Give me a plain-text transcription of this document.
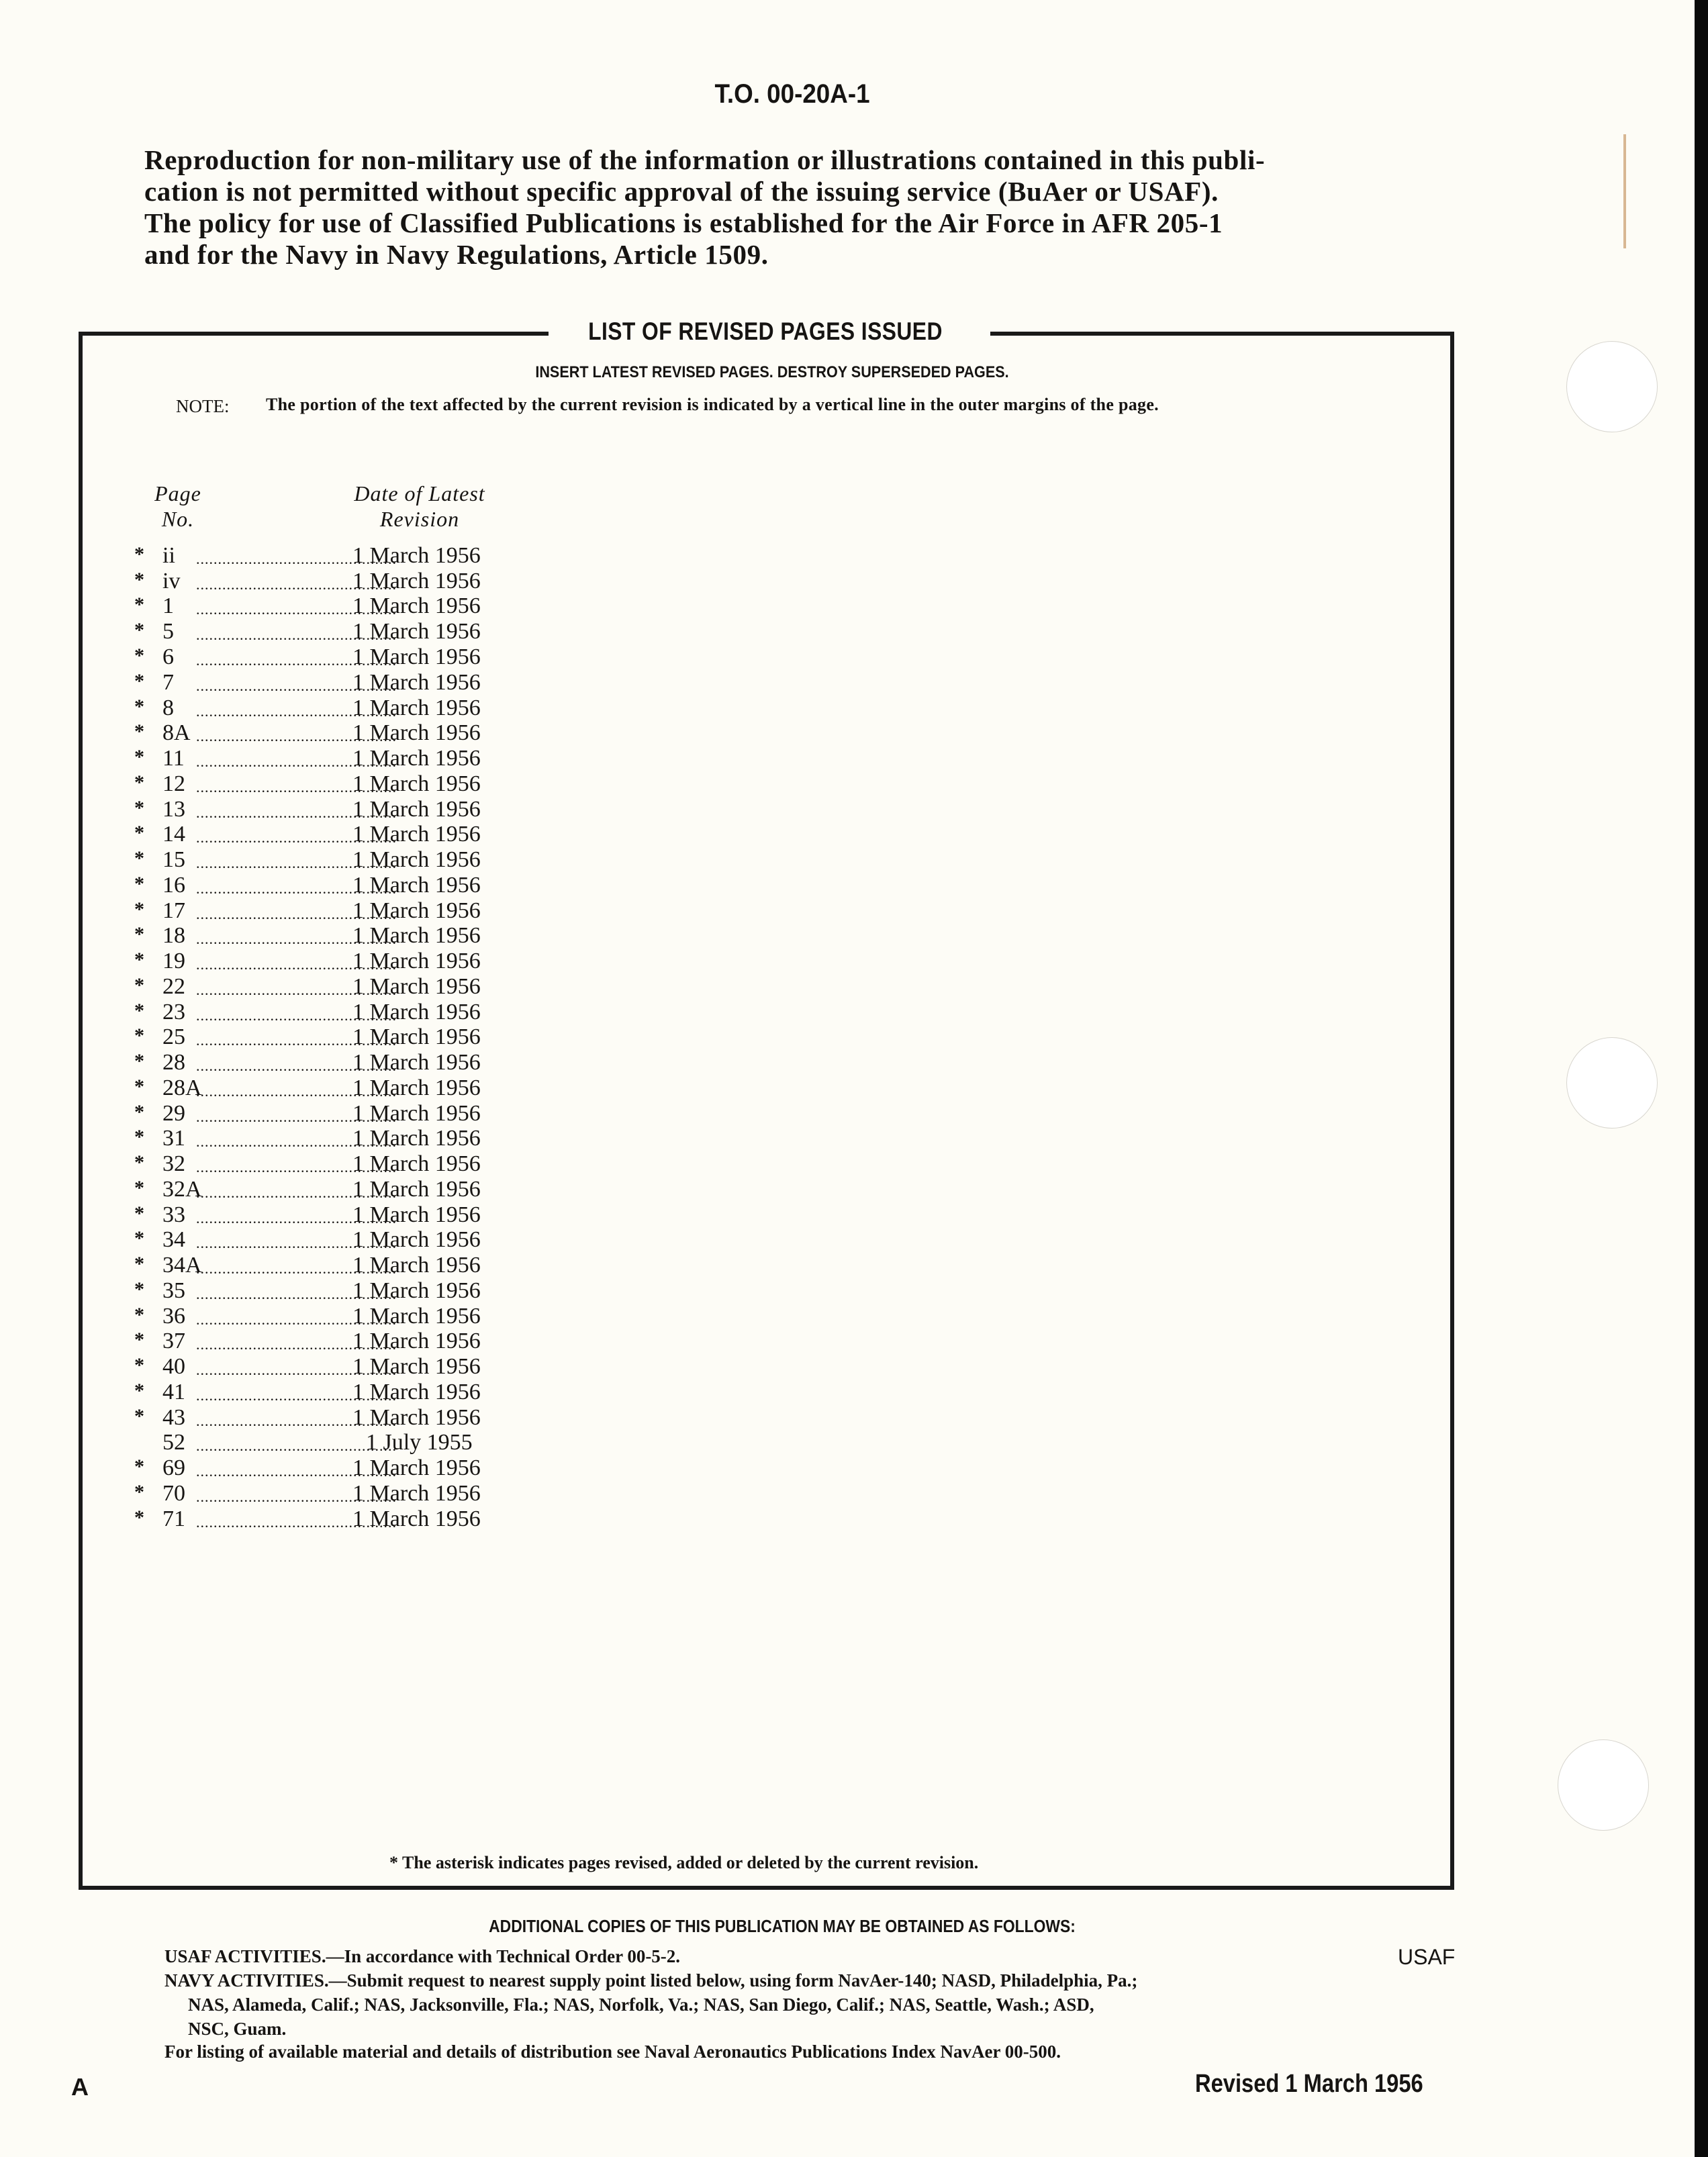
T.O. 00-20A-1
Reproduction for non-military use of the information or illustrations contained in this publi-
cation is not permitted without specific approval of the issuing service (BuAer or USAF).
The policy for use of Classified Publications is established for the Air Force in AFR 205-1
and for the Navy in Navy Regulations, Article 1509.
LIST OF REVISED PAGES ISSUED
INSERT LATEST REVISED PAGES. DESTROY SUPERSEDED PAGES.
NOTE: The portion of the text affected by the current revision is indicated by a vertical line in the outer margins of the page.
Page
No.
Date of Latest
Revision
* ii ..............................................
1 March 1956
* iv ..............................................
1 March 1956
* 1 ..............................................
1 March 1956
* 5 ..............................................
1 March 1956
* 6 ..............................................
1 March 1956
* 7 ..............................................
1 March 1956
* 8 ..............................................
1 March 1956
* 8A ..............................................
1 March 1956
* 11 ..............................................
1 March 1956
* 12 ..............................................
1 March 1956
* 13 ..............................................
1 March 1956
* 14 ..............................................
1 March 1956
* 15 ..............................................
1 March 1956
* 16 ..............................................
1 March 1956
* 17 ..............................................
1 March 1956
* 18 ..............................................
1 March 1956
* 19 ..............................................
1 March 1956
* 22 ..............................................
1 March 1956
* 23 ..............................................
1 March 1956
* 25 ..............................................
1 March 1956
* 28 ..............................................
1 March 1956
* 28A
..............................................
1 March 1956
* 29 ..............................................
1 March 1956
* 31 ..............................................
1 March 1956
* 32 ..............................................
1 March 1956
* 32A
..............................................
1 March 1956
* 33 ..............................................
1 March 1956
* 34 ..............................................
1 March 1956
* 34A
..............................................
1 March 1956
* 35 ..............................................
1 March 1956
* 36 ..............................................
1 March 1956
* 37 ..............................................
1 March 1956
* 40 ..............................................
1 March 1956
* 41 ..............................................
1 March 1956
* 43 ..............................................
1 March 1956
52 ..............................................
1 July 1955
* 69 ..............................................
1 March 1956
* 70 ..............................................
1 March 1956
* 71 ..............................................
1 March 1956
* The asterisk indicates pages revised, added or deleted by the current revision.
ADDITIONAL COPIES OF THIS PUBLICATION MAY BE OBTAINED AS FOLLOWS:
USAF ACTIVITIES.—In accordance with Technical Order 00-5-2.	USAF
NAVY ACTIVITIES.—Submit request to nearest supply point listed below, using form NavAer-140; NASD, Philadelphia, Pa.;
NAS, Alameda, Calif.; NAS, Jacksonville, Fla.; NAS, Norfolk, Va.; NAS, San Diego, Calif.; NAS, Seattle, Wash.; ASD,
NSC, Guam.
For listing of available material and details of distribution see Naval Aeronautics Publications Index NavAer 00-500.
A	Revised 1 March 1956
